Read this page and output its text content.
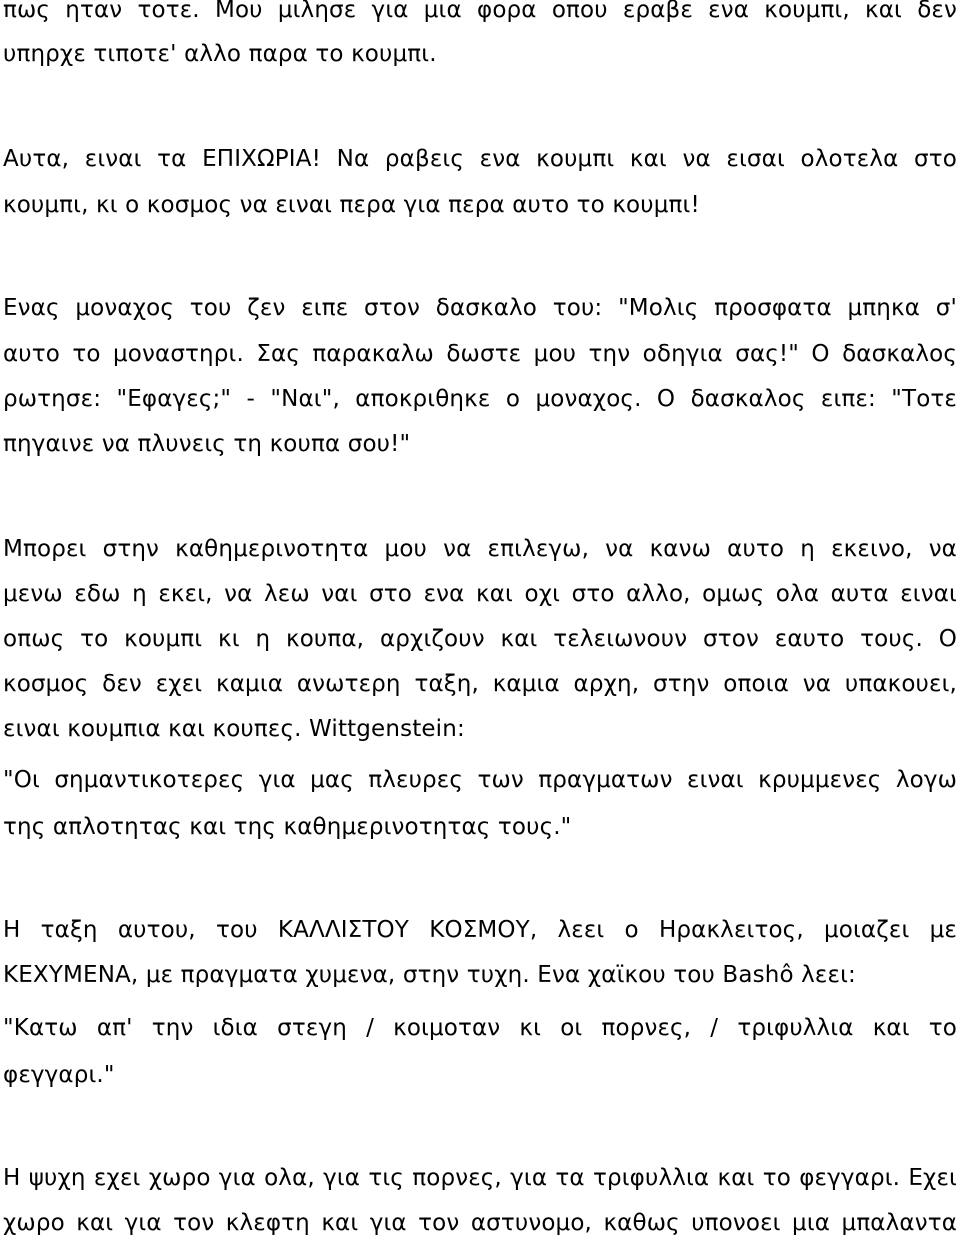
πως ηταν τοτε. Μου μιλησε για μια φορα οπου εραβε ενα κουμπι, και δεν

υπηρχε τιποτε' αλλο παρα το κουμπι.

Αυτα, ειναι τα ΕΠΙΧΩΡΙΑ! Να ραβεις ενα κουμπι και να εισαι ολοτελα στο

κουμπι, κι ο κοσμος να ειναι περα για περα αυτο το κουμπι!

Ενας μοναχος του ζεν ειπε στον δασκαλο του: "Μολις προσφατα μπηκα σ'

αυτο το μοναστηρι. Σας παρακαλω δωστε μου την οδηγια σας!" Ο δασκαλος

ρωτησε: "Εφαγες;" - "Ναι", αποκριθηκε ο μοναχος. Ο δασκαλος ειπε: "Τοτε

πηγαινε να πλυνεις τη κουπα σου!"

Μπορει στην καθημερινοτητα μου να επιλεγω, να κανω αυτο η εκεινο, να

μενω εδω η εκει, να λεω ναι στο ενα και οχι στο αλλο, ομως ολα αυτα ειναι

οπως το κουμπι κι η κουπα, αρχιζουν και τελειωνουν στον εαυτο τους. Ο

κοσμος δεν εχει καμια ανωτερη ταξη, καμια αρχη, στην οποια να υπακουει,

ειναι κουμπια και κουπες. Wittgenstein:

"Οι σημαντικοτερες για μας πλευρες των πραγματων ειναι κρυμμενες λογω

της απλοτητας και της καθημερινοτητας τους."

Η ταξη αυτου, του ΚΑΛΛΙΣΤΟΥ ΚΟΣΜΟΥ, λεει ο Ηρακλειτος, μοιαζει με

ΚΕΧΥΜΕΝΑ, με πραγματα χυμενα, στην τυχη. Ενα χαϊκου του Bashô λεει:

"Κατω απ' την ιδια στεγη / κοιμοταν κι οι πορνες, / τριφυλλια και το

φεγγαρι."

Η ψυχη εχει χωρο για ολα, για τις πορνες, για τα τριφυλλια και το φεγγαρι. Εχει

χωρο και για τον κλεφτη και για τον αστυνομο, καθως υπονοει μια μπαλαντα
